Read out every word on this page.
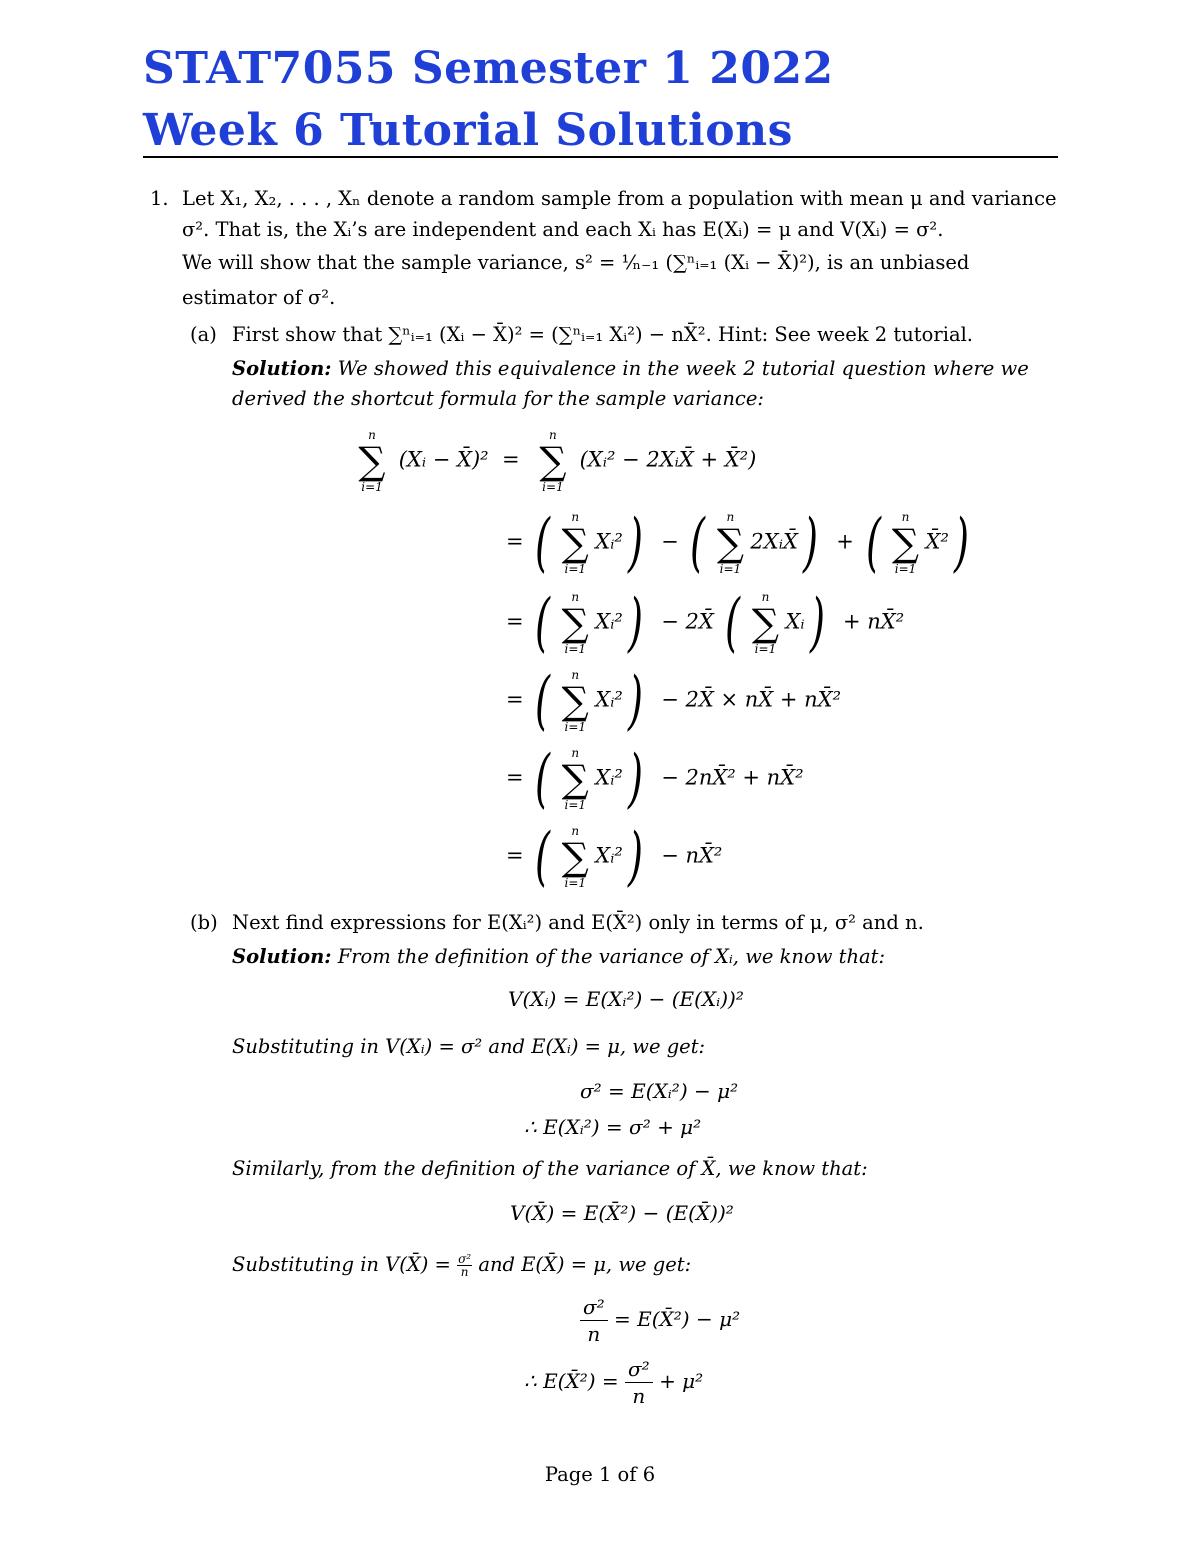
STAT7055 Semester 1 2022
Week 6 Tutorial Solutions
1. Let X₁, X₂, . . . , Xₙ denote a random sample from a population with mean μ and variance
σ². That is, the Xᵢ’s are independent and each Xᵢ has E(Xᵢ) = μ and V(Xᵢ) = σ².
We will show that the sample variance, s² = ¹⁄ₙ₋₁ (∑ⁿᵢ₌₁ (Xᵢ − X̄)²), is an unbiased
estimator of σ².
(a) First show that ∑ⁿᵢ₌₁ (Xᵢ − X̄)² = (∑ⁿᵢ₌₁ Xᵢ²) − nX̄². Hint: See week 2 tutorial.
Solution: We showed this equivalence in the week 2 tutorial question where we
derived the shortcut formula for the sample variance:
n
∑
i=1
(Xᵢ − X̄)²  =
n
∑
i=1
(Xᵢ² − 2XᵢX̄ + X̄²)
= (	n
∑
i=1
Xᵢ²)  − (	n
∑
i=1
2XᵢX̄)  + (	n
∑
i=1
X̄²)
= (	n
∑
i=1
Xᵢ²) − 2X̄ (	n
∑
i=1
Xᵢ) + nX̄²
= (	n
∑
i=1
Xᵢ²) − 2X̄ × nX̄ + nX̄²
= (	n
∑
i=1
Xᵢ²) − 2nX̄² + nX̄²
= (	n
∑
i=1
Xᵢ²) − nX̄²
(b) Next find expressions for E(Xᵢ²) and E(X̄²) only in terms of μ, σ² and n.
Solution: From the definition of the variance of Xᵢ, we know that:
V(Xᵢ) = E(Xᵢ²) − (E(Xᵢ))²
Substituting in V(Xᵢ) = σ² and E(Xᵢ) = μ, we get:
σ² = E(Xᵢ²) − μ²
∴ E(Xᵢ²) = σ² + μ²
Similarly, from the definition of the variance of X̄, we know that:
V(X̄) = E(X̄²) − (E(X̄))²
Substituting in V(X̄) = $\frac{\text{σ²}}{n}$ and E(X̄) = μ, we get:
$\frac{\text{σ²}}{n}$ = E(X̄²) − μ²
∴ E(X̄²) = $\frac{\text{σ²}}{n} + \mu^2$
Page 1 of 6
